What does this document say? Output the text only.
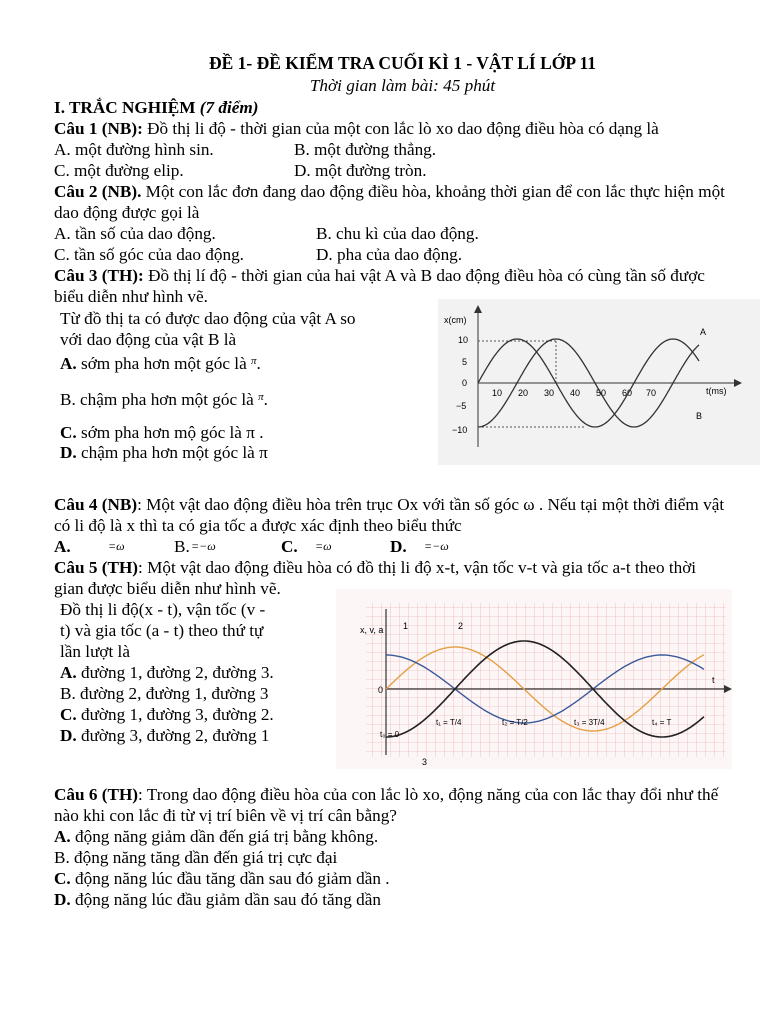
ĐỀ 1- ĐỀ KIỂM TRA CUỐI KÌ 1 - VẬT LÍ LỚP 11
Thời gian làm bài: 45 phút
I. TRẮC NGHIỆM (7 điểm)

Câu 1 (NB): Đồ thị li độ - thời gian của một con lắc lò xo dao động điều hòa có dạng là

A. một đường hình sin.	B. một đường thẳng.
C. một đường elip.	D. một đường tròn.

Câu 2 (NB). Một con lắc đơn đang dao động điều hòa, khoảng thời gian để con lắc thực hiện một dao động được gọi là

A. tần số của dao động.	B. chu kì của dao động.
C. tần số góc của dao động.	D. pha của dao động.

Câu 3 (TH): Đồ thị lí độ - thời gian của hai vật A và B dao động điều hòa có cùng tần số được biểu diễn như hình vẽ.

Từ đồ thị ta có được dao động của vật A so
với dao động của vật B là
A. sớm pha hơn một góc là $^\pi$.
B. chậm pha hơn một góc là $^\pi$.
C. sớm pha hơn mộ góc là π .
D. chậm pha hơn một góc là π
x(cm)
t(ms)
10
5
0
−5
−10
10 20 30 40 50 60 70
A
B

Câu 4 (NB): Một vật dao động điều hòa trên trục Ox với tần số góc ω . Nếu tại một thời điểm vật có li độ là x thì ta có gia tốc a được xác định theo biểu thức

A.	=ω	B. =−ω	C.	=ω	D.	=−ω

Câu 5 (TH): Một vật dao động điều hòa có đồ thị li độ x-t, vận tốc v-t và gia tốc a-t theo thời gian được biểu diễn như hình vẽ.

Đồ thị li độ(x - t), vận tốc (v -
t) và gia tốc (a - t) theo thứ tự
lần lượt là
A. đường 1, đường 2, đường 3.
B. đường 2, đường 1, đường 3
C. đường 1, đường 3, đường 2.
D. đường 3, đường 2, đường 1
x, v, a 1	2
3
0
t
t₀ = 0
t₁ = T/4	t₂ = T/2	t₃ = 3T/4	t₄ = T

Câu 6 (TH): Trong dao động điều hòa của con lắc lò xo, động năng của con lắc thay đổi như thế nào khi con lắc đi từ vị trí biên về vị trí cân bằng?

A. động năng giảm dần đến giá trị bằng không.

B. động năng tăng dần đến giá trị cực đại

C. động năng lúc đầu tăng dần sau đó giảm dần .

D. động năng lúc đầu giảm dần sau đó tăng dần
